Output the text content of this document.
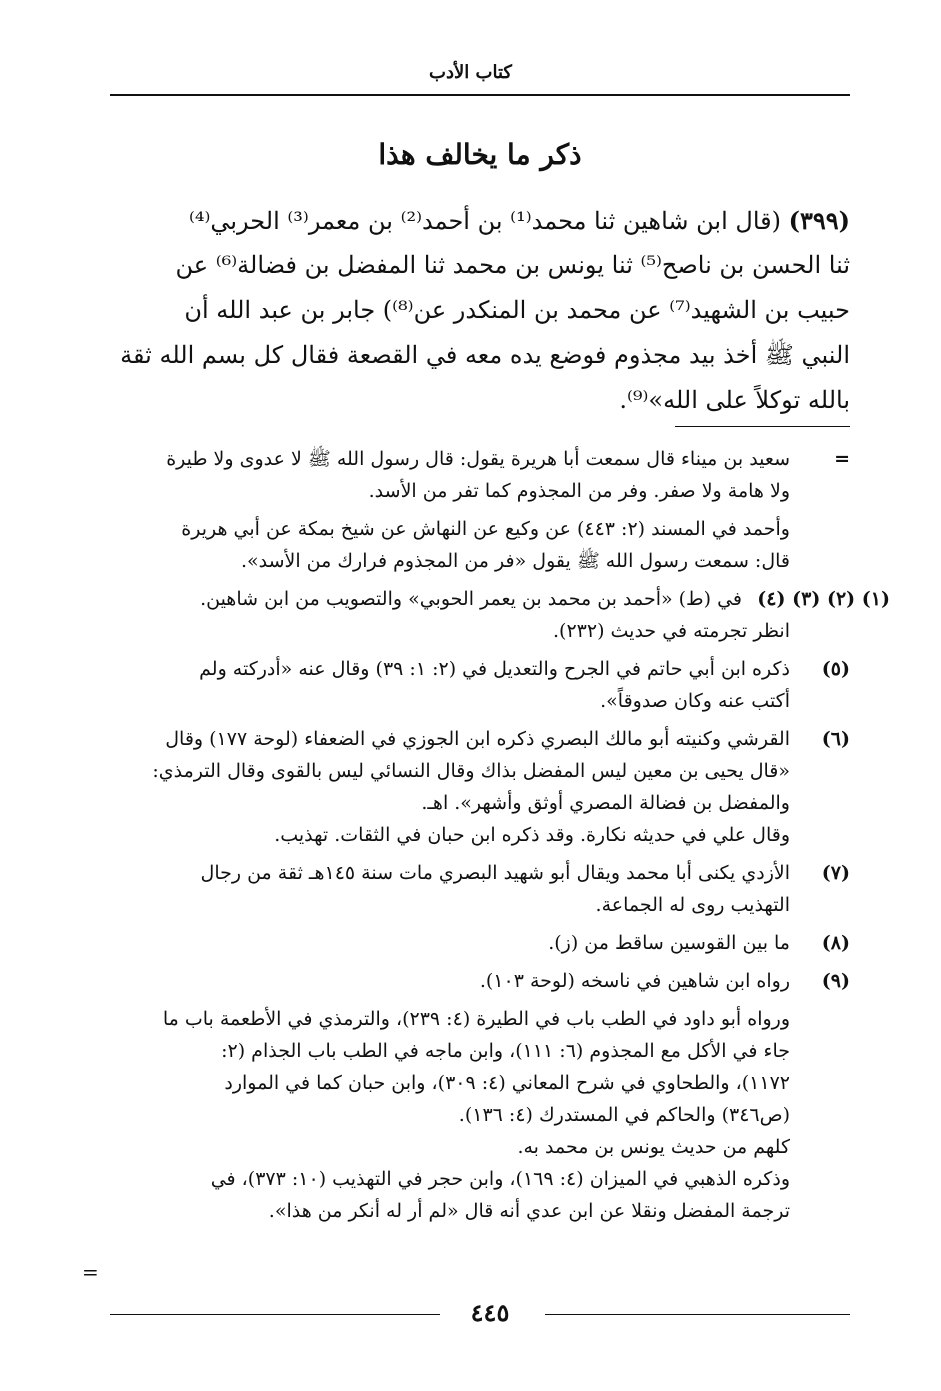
كتاب الأدب
ذكر ما يخالف هذا
(٣٩٩) (قال ابن شاهين ثنا محمد⁽¹⁾ بن أحمد⁽²⁾ بن معمر⁽³⁾ الحربي⁽⁴⁾
ثنا الحسن بن ناصح⁽⁵⁾ ثنا يونس بن محمد ثنا المفضل بن فضالة⁽⁶⁾ عن
حبيب بن الشهيد⁽⁷⁾ عن محمد بن المنكدر عن⁽⁸⁾) جابر بن عبد الله أن
النبي ﷺ أخذ بيد مجذوم فوضع يده معه في القصعة فقال كل بسم الله ثقة
بالله توكلاً على الله»⁽⁹⁾.
=
سعيد بن ميناء قال سمعت أبا هريرة يقول: قال رسول الله ﷺ لا عدوى ولا طيرة
ولا هامة ولا صفر. وفر من المجذوم كما تفر من الأسد.
وأحمد في المسند (٢: ٤٤٣) عن وكيع عن النهاش عن شيخ بمكة عن أبي هريرة
قال: سمعت رسول الله ﷺ يقول «فر من المجذوم فرارك من الأسد».
(١) (٢) (٣) (٤)
في (ط) «أحمد بن محمد بن يعمر الحوبي» والتصويب من ابن شاهين.
انظر تجرمته في حديث (٢٣٢).
(٥)
ذكره ابن أبي حاتم في الجرح والتعديل في (٢: ١: ٣٩) وقال عنه «أدركته ولم
أكتب عنه وكان صدوقاً».
(٦)
القرشي وكنيته أبو مالك البصري ذكره ابن الجوزي في الضعفاء (لوحة ١٧٧) وقال
«قال يحيى بن معين ليس المفضل بذاك وقال النسائي ليس بالقوى وقال الترمذي:
والمفضل بن فضالة المصري أوثق وأشهر». اهـ.
وقال علي في حديثه نكارة. وقد ذكره ابن حبان في الثقات. تهذيب.
(٧)
الأزدي يكنى أبا محمد ويقال أبو شهيد البصري مات سنة ١٤٥هـ ثقة من رجال
التهذيب روى له الجماعة.
(٨)
ما بين القوسين ساقط من (ز).
(٩)
رواه ابن شاهين في ناسخه (لوحة ١٠٣).
ورواه أبو داود في الطب باب في الطيرة (٤: ٢٣٩)، والترمذي في الأطعمة باب ما
جاء في الأكل مع المجذوم (٦: ١١١)، وابن ماجه في الطب باب الجذام (٢:
١١٧٢)، والطحاوي في شرح المعاني (٤: ٣٠٩)، وابن حبان كما في الموارد
(ص٣٤٦) والحاكم في المستدرك (٤: ١٣٦).
كلهم من حديث يونس بن محمد به.
وذكره الذهبي في الميزان (٤: ١٦٩)، وابن حجر في التهذيب (١٠: ٣٧٣)، في
ترجمة المفضل ونقلا عن ابن عدي أنه قال «لم أر له أنكر من هذا».
=
٤٤٥
